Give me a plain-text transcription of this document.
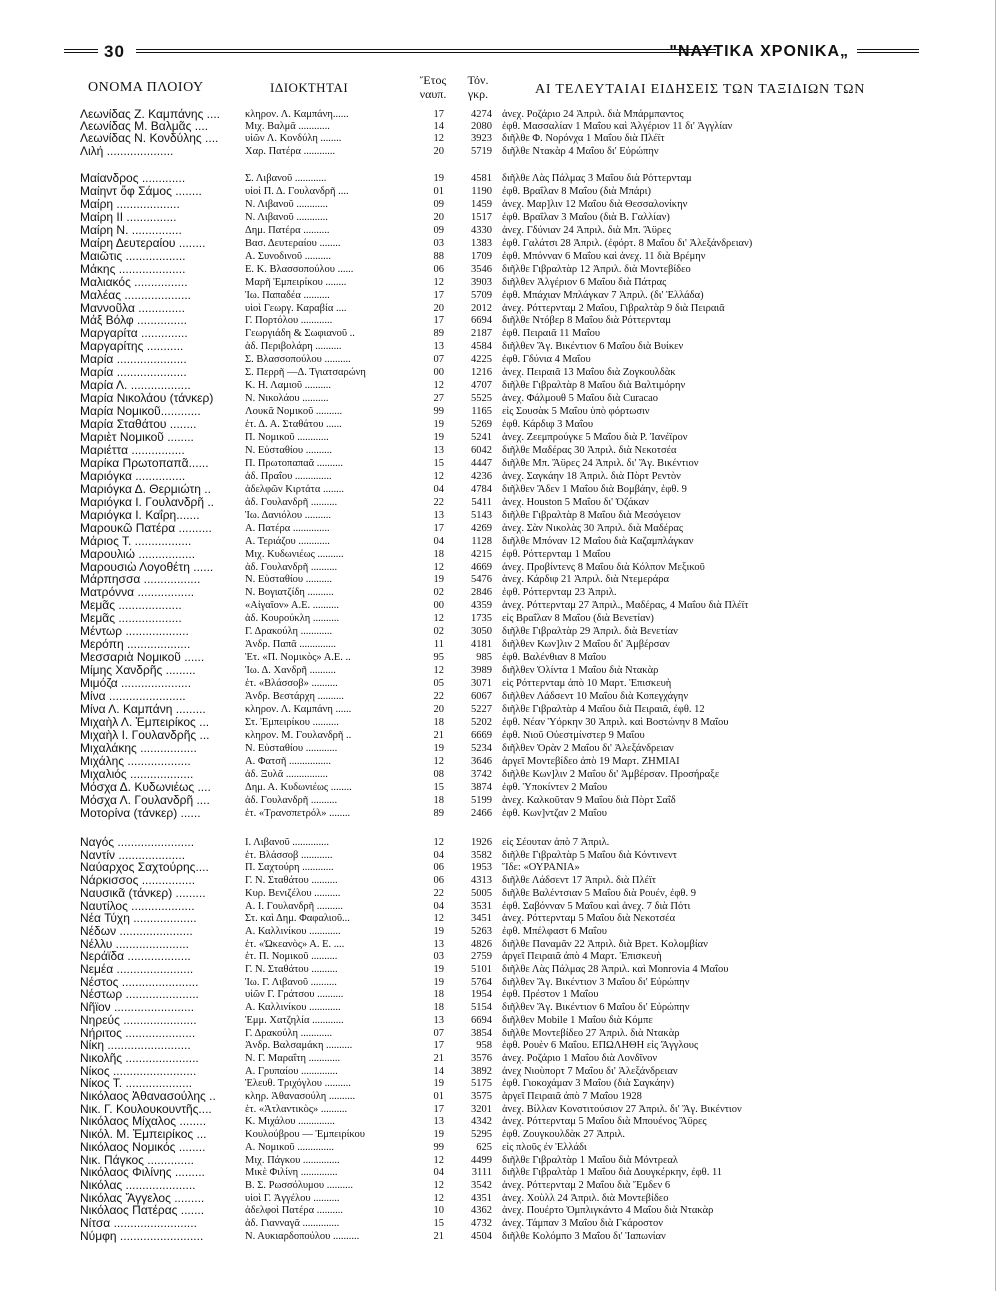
30	"ΝΑΥΤΙΚΑ ΧΡΟΝΙΚΑ„
ΟΝΟΜΑ ΠΛΟΙΟΥ	ΙΔΙΟΚΤΗΤΑΙ	Ἔτος ναυπ.
Τόν. γκρ.	ΑΙ ΤΕΛΕΥΤΑΙΑΙ ΕΙΔΗΣΕΙΣ ΤΩΝ ΤΑΞΙΔΙΩΝ ΤΩΝ
Λεωνίδας Ζ. Καμπάνης ....	κληρον. Λ. Καμπάνη......	17	4274 ἀνεχ. Ροζάριο 24 Ἀπριλ. διὰ Μπάρμπαντος
Λεωνίδας Μ. Βαλμᾶς ....	Μιχ. Βαλμᾶ ............	14	2080 ἐφθ. Μασσαλίαν 1 Μαΐου καὶ Ἀλγέριον 11 δι' Ἀγγλίαν
Λεωνίδας Ν. Κονδύλης ....	υἱῶν Λ. Κονδύλη ........	12	3923 διῆλθε Φ. Νορόνχα 1 Μαΐου διὰ Πλέϊτ
Λιλή ....................	Χαρ. Πατέρα ............	20	5719 διῆλθε Ντακὰρ 4 Μαΐου δι' Εὐρώπην
Μαίανδρος .............	Σ. Λιβανοῦ ............	19	4581 διῆλθε Λὰς Πάλμας 3 Μαΐου διὰ Ρόττερνταμ
Μαίηντ ὄφ Σάμος ........	υἱοὶ Π. Δ. Γουλανδρῆ ....	01	1190 ἐφθ. Βραΐλαν 8 Μαΐου (διὰ Μπάρι)
Μαίρη ...................	Ν. Λιβανοῦ ............	09	1459 ἀνεχ. Μαρ]λιν 12 Μαΐου διὰ Θεσσαλονίκην
Μαίρη ΙΙ ...............	Ν. Λιβανοῦ ............	20	1517 ἐφθ. Βραΐλαν 3 Μαΐου (διὰ Β. Γαλλίαν)
Μαίρη Ν. ...............	Δημ. Πατέρα ..........	09	4330 ἀνεχ. Γδύνιαν 24 Ἀπριλ. διὰ Μπ. Ἄϋρες
Μαίρη Δευτεραίου ........	Βασ. Δευτεραίου ........	03	1383 ἐφθ. Γαλάτσι 28 Ἀπριλ. (ἐφόρτ. 8 Μαΐου δι' Ἀλεξάνδρειαν)
Μαιῶτις ..................	Α. Συνοδινοῦ ..........	88	1709 ἐφθ. Μπόνναν 6 Μαΐου καὶ ἀνεχ. 11 διὰ Βρέμην
Μάκης ....................	Ε. Κ. Βλασσοπούλου ......	06	3546 διῆλθε Γιβραλτὰρ 12 Ἀπριλ. διὰ Μοντεβίδεο
Μαλιακός ................	Μαρῆ Ἐμπειρίκου ........	12	3903 διῆλθεν Ἀλγέριον 6 Μαΐου διὰ Πάτρας
Μαλέας ....................	Ἰω. Παπαδέα ..........	17	5709 ἐφθ. Μπάχιαν Μπλάγκαν 7 Ἀπριλ. (δι' Ἑλλάδα)
Μαννοῦλα ..............	υἱοὶ Γεωργ. Καραβία ....	20	2012 ἀνεχ. Ρόττερνταμ 2 Μαΐου, Γιβραλτὰρ 9 διὰ Πειραιᾶ
Μάξ Βόλφ ...............	Γ. Πορτόλου ............	17	6694 διῆλθε Ντόβερ 8 Μαΐου διὰ Ρόττερνταμ
Μαργαρίτα ..............	Γεωργιάδη & Σωφιανοῦ ..	89	2187 ἐφθ. Πειραιᾶ 11 Μαΐου
Μαργαρίτης ...........	ἀδ. Περιβολάρη ..........	13	4584 διῆλθεν Ἅγ. Βικέντιον 6 Μαΐου διὰ Βυίκεν
Μαρία .....................	Σ. Βλασσοπούλου ..........	07	4225 ἐφθ. Γδύνια 4 Μαΐου
Μαρία .....................	Σ. Περρῆ —Δ. Τγιατσαρώνη	00	1216 ἀνεχ. Πειραιᾶ 13 Μαΐου διὰ Ζογκουλδὰκ
Μαρία Λ. ..................	Κ. Η. Λαμιοῦ ..........	12	4707 διῆλθε Γιβραλτὰρ 8 Μαΐου διὰ Βαλτιμόρην
Μαρία Νικολάου (τάνκερ)	Ν. Νικολάου ..........	27	5525 ἀνεχ. Φάλμουθ 5 Μαΐου διὰ Curacao
Μαρία Νομικοῦ............	Λουκᾶ Νομικοῦ ..........	99	1165 εἰς Σουσὰκ 5 Μαΐου ὑπὸ φόρτωσιν
Μαρία Σταθάτου ........	ἑτ. Δ. Α. Σταθάτου ......	19	5269 ἐφθ. Κάρδιφ 3 Μαΐου
Μαριὲτ Νομικοῦ ........	Π. Νομικοῦ ............	19	5241 ἀνεχ. Ζεεμπρούγκε 5 Μαΐου διὰ Ρ. Ἰανέϊρον
Μαριέττα ................	Ν. Εὐσταθίου ..........	13	6042 διῆλθε Μαδέρας 30 Ἀπριλ. διὰ Νεκοτσέα
Μαρίκα Πρωτοπαπᾶ......	Π. Πρωτοπαπαᾶ ..........	15	4447 διῆλθε Μπ. Ἄϋρες 24 Ἀπριλ. δι' Ἅγ. Βικέντιον
Μαριόγκα ...............	ἀδ. Πραΐου ..............	12	4236 ἀνεχ. Σαγκάην 18 Ἀπριλ. διὰ Πὸρτ Ρεντὸν
Μαριόγκα Δ. Θερμιώτη ..	ἀδελφῶν Κιρτάτα ........	04	4784 διῆλθεν Ἄδεν 1 Μαΐου διὰ Βομβάην, ἐφθ. 9
Μαριόγκα Ι. Γουλανδρῆ ..	ἀδ. Γουλανδρῆ ..........	22	5411 ἀνεχ. Houston 5 Μαΐου δι' Ὀζάκαν
Μαριόγκα Ι. Καΐρη.......	Ἰω. Δανιόλου ..........	13	5143 διῆλθε Γιβραλτὰρ 8 Μαΐου διὰ Μεσόγειον
Μαρουκῶ Πατέρα ..........	Α. Πατέρα ..............	17	4269 ἀνεχ. Σὰν Νικολὰς 30 Ἀπριλ. διὰ Μαδέρας
Μάριος Τ. .................	Α. Τεριάζου ............	04	1128 διῆλθε Μπόναν 12 Μαΐου διὰ Καζαμπλάγκαν
Μαρουλιώ .................	Μιχ. Κυδωνιέως ..........	18	4215 ἐφθ. Ρόττερνταμ 1 Μαΐου
Μαρουσιὼ Λογοθέτη ......	ἀδ. Γουλανδρῆ ..........	12	4669 ἀνεχ. Προβίντενς 8 Μαΐου διὰ Κόλπον Μεξικοῦ
Μάρπησσα .................	Ν. Εὐσταθίου ..........	19	5476 ἀνεχ. Κάρδιφ 21 Ἀπριλ. διὰ Ντεμεράρα
Ματρόννα .................	Ν. Βογιατζίδη ..........	02	2846 ἐφθ. Ρόττερνταμ 23 Ἀπριλ.
Μεμᾶς ...................	«Αἰγαῖον» Α.Ε. ..........	00	4359 ἀνεχ. Ρόττερνταμ 27 Ἀπριλ., Μαδέρας, 4 Μαΐου διὰ Πλέϊτ
Μεμᾶς ...................	ἀδ. Κουρούκλη ..........	12	1735 εἰς Βραΐλαν 8 Μαΐου (διὰ Βενετίαν)
Μέντωρ ...................	Γ. Δρακούλη ............	02	3050 διῆλθε Γιβραλτὰρ 29 Ἀπριλ. διὰ Βενετίαν
Μερόπη ...................	Ἀνδρ. Παπᾶ ..............	11	4181 διῆλθεν Κων]λιν 2 Μαΐου δι' Ἀμβέρσαν
Μεσσαριὰ Νομικοῦ ......	Ἑτ. «Π. Νομικὸς» Α.Ε. ..	95	985 ἐφθ. Βαλένθιαν 8 Μαΐου
Μίμης Χανδρῆς .........	Ἰω. Δ. Χανδρῆ ..........	12	3989 διῆλθεν Ὀλίντα 1 Μαΐου διὰ Ντακὰρ
Μιμόζα .....................	ἑτ. «Βλάσσοβ» ..........	05	3071 εἰς Ρόττερνταμ ἀπὸ 10 Μαρτ. Ἐπισκευὴ
Μίνα .......................	Ἀνδρ. Βεστάρχη ..........	22	6067 διῆλθεν Λάδσεντ 10 Μαΐου διὰ Κοπεγχάγην
Μίνα Λ. Καμπάνη .........	κληρον. Λ. Καμπάνη ......	20	5227 διῆλθε Γιβραλτὰρ 4 Μαΐου διὰ Πειραιᾶ, ἐφθ. 12
Μιχαὴλ Λ. Ἐμπειρίκος ...	Στ. Ἐμπειρίκου ..........	18	5202 ἐφθ. Νέαν Ὑόρκην 30 Ἀπριλ. καὶ Βοστώνην 8 Μαΐου
Μιχαὴλ Ι. Γουλανδρῆς ...	κληρον. Μ. Γουλανδρῆ ..	21	6669 ἐφθ. Νιοῦ Οὐεστμίνστερ 9 Μαΐου
Μιχαλάκης .................	Ν. Εὐσταθίου ............	19	5234 διῆλθεν Ὀρὰν 2 Μαΐου δι' Ἀλεξάνδρειαν
Μιχάλης ...................	Α. Φατσῆ ................	12	3646 ἀργεῖ Μοντεβίδεο ἀπὸ 19 Μαρτ. ΖΗΜΙΑΙ
Μιχαλιός ...................	ἀδ. Ξυλᾶ ................	08	3742 διῆλθε Κων]λιν 2 Μαΐου δι' Ἀμβέρσαν. Προσήραξε
Μόσχα Δ. Κυδωνιέως ....	Δημ. Α. Κυδωνιέως ........	15	3874 ἐφθ. Ὑποκίντεν 2 Μαΐου
Μόσχα Λ. Γουλανδρῆ ....	ἀδ. Γουλανδρῆ ..........	18	5199 ἀνεχ. Καλκοῦταν 9 Μαΐου διὰ Πὸρτ Σαΐδ
Μοτορίνα (τάνκερ) ......	ἑτ. «Τρανσπετρόλ» ........	89	2466 ἐφθ. Κων]ντζαν 2 Μαΐου
Ναγός .......................	Ι. Λιβανοῦ ..............	12	1926 εἰς Σέουταν ἀπὸ 7 Ἀπριλ.
Ναντίν ....................	ἑτ. Βλάσσοβ ............	04	3582 διῆλθε Γιβραλτὰρ 5 Μαΐου διὰ Κόντινεντ
Ναύαρχος Σαχτούρης....	Π. Σαχτούρη ............	06	1953 Ἴδε: «ΟΥΡΑΝΙΑ»
Νάρκισσος ................	Γ. Ν. Σταθάτου ..........	06	4313 διῆλθε Λάδσεντ 17 Ἀπριλ. διὰ Πλέϊτ
Ναυσικᾶ (τάνκερ) .........	Κυρ. Βενιζέλου ..........	22	5005 διῆλθε Βαλέντσιαν 5 Μαΐου διὰ Ρουέν, ἐφθ. 9
Ναυτίλος ...................	Α. Ι. Γουλανδρῆ ..........	04	3531 ἐφθ. Σαβόνναν 5 Μαΐου καὶ ἀνεχ. 7 διὰ Πότι
Νέα Τύχη ...................	Στ. καὶ Δημ. Φαφαλιοῦ...	12	3451 ἀνεχ. Ρόττερνταμ 5 Μαΐου διὰ Νεκοτσέα
Νέδων ......................	Α. Καλλινίκου ............	19	5263 ἐφθ. Μπέλφαστ 6 Μαΐου
Νέλλυ ......................	ἑτ. «Ὠκεανὸς» Α. Ε. ....	13	4826 διῆλθε Παναμᾶν 22 Ἀπριλ. διὰ Βρετ. Κολομβίαν
Νεράϊδα ...................	ἑτ. Π. Νομικοῦ ..........	03	2759 ἀργεῖ Πειραιᾶ ἀπὸ 4 Μαρτ. Ἐπισκευὴ
Νεμέα .......................	Γ. Ν. Σταθάτου ..........	19	5101 διῆλθε Λὰς Πάλμας 28 Ἀπριλ. καὶ Monrovia 4 Μαΐου
Νέστος .......................	Ἰω. Γ. Λιβανοῦ ..........	19	5764 διῆλθεν Ἅγ. Βικέντιον 3 Μαΐου δι' Εὐρώπην
Νέστωρ ......................	υἱῶν Γ. Γράτσου ..........	18	1954 ἐφθ. Πρέστον 1 Μαΐου
Νῆϊον ........................	Α. Καλλινίκου ............	18	5154 διῆλθεν Ἅγ. Βικέντιον 6 Μαΐου δι' Εὐρώπην
Νηρεύς ......................	Ἐμμ. Χατζηλία ............	13	6694 διῆλθεν Mobile 1 Μαΐου διὰ Κόμπε
Νήριτος .....................	Γ. Δρακούλη ............	07	3854 διῆλθε Μοντεβίδεο 27 Ἀπριλ. διὰ Ντακὰρ
Νίκη .........................	Ἀνδρ. Βαλσαμάκη ..........	17	958 ἐφθ. Ρουὲν 6 Μαΐου. ΕΠΩΛΗΘΗ εἰς Ἄγγλους
Νικολῆς ......................	Ν. Γ. Μαραΐτη ............	21	3576 ἀνεχ. Ροζάριο 1 Μαΐου διὰ Λονδῖνον
Νίκος .........................	Α. Γρυπαίου ..............	14	3892 ἀνεχ Νιοὺπορτ 7 Μαΐου δι' Ἀλεξάνδρειαν
Νίκος Τ. ....................	Ἐλευθ. Τριχόγλου ..........	19	5175 ἐφθ. Γιοκοχάμαν 3 Μαΐου (διὰ Σαγκάην)
Νικόλαος Ἀθανασούλης ..	κληρ. Ἀθανασούλη ..........	01	3575 ἀργεῖ Πειραιᾶ ἀπὸ 7 Μαΐου 1928
Νικ. Γ. Κουλουκουντῆς....	ἑτ. «Ἀτλαντικὸς» ..........	17	3201 ἀνεχ. Βίλλαν Κονστιτούσιον 27 Ἀπριλ. δι' Ἅγ. Βικέντιον
Νικόλαος Μίχαλος ........	Κ. Μιχάλου ..............	13	4342 ἀνεχ. Ρόττερνταμ 5 Μαΐου διὰ Μπουένος Ἄϋρες
Νικόλ. Μ. Ἐμπειρίκος ...	Κουλούβρου — Ἐμπειρίκου	19	5295 ἐφθ. Ζουγκουλδὰκ 27 Ἀπριλ.
Νικόλαος Νομικός ........	Α. Νομικοῦ ..............	99	625 εἰς πλοῦς ἐν Ἑλλάδι
Νικ. Πάγκος ..............	Μιχ. Πάγκου ..............	12	4499 διῆλθε Γιβραλτὰρ 1 Μαΐου διὰ Μόντρεαλ
Νικόλαος Φιλίνης .........	Μικὲ Φιλίνη ..............	04	3111 διῆλθε Γιβραλτὰρ 1 Μαΐου διὰ Δουγκέρκην, ἐφθ. 11
Νικόλας .....................	Β. Σ. Ρωσσόλυμου ..........	12	3542 ἀνεχ. Ρόττερνταμ 2 Μαΐου διὰ Ἔμδεν 6
Νικόλας Ἄγγελος .........	υἱοὶ Γ. Ἀγγέλου ..........	12	4351 ἀνεχ. Χοὺλλ 24 Ἀπριλ. διὰ Μοντεβίδεο
Νικόλαος Πατέρας .......	ἀδελφοὶ Πατέρα ..........	10	4362 ἀνεχ. Πουέρτο Ὀμπλιγκάντο 4 Μαΐου διὰ Ντακὰρ
Νίτσα .........................	ἀδ. Γιανναγᾶ ..............	15	4732 ἀνεχ. Τάμπαν 3 Μαΐου διὰ Γκάροστον
Νύμφη .........................	Ν. Αυκιαρδοπούλου ..........	21	4504 διῆλθε Κολόμπο 3 Μαΐου δι' Ἰαπωνίαν
